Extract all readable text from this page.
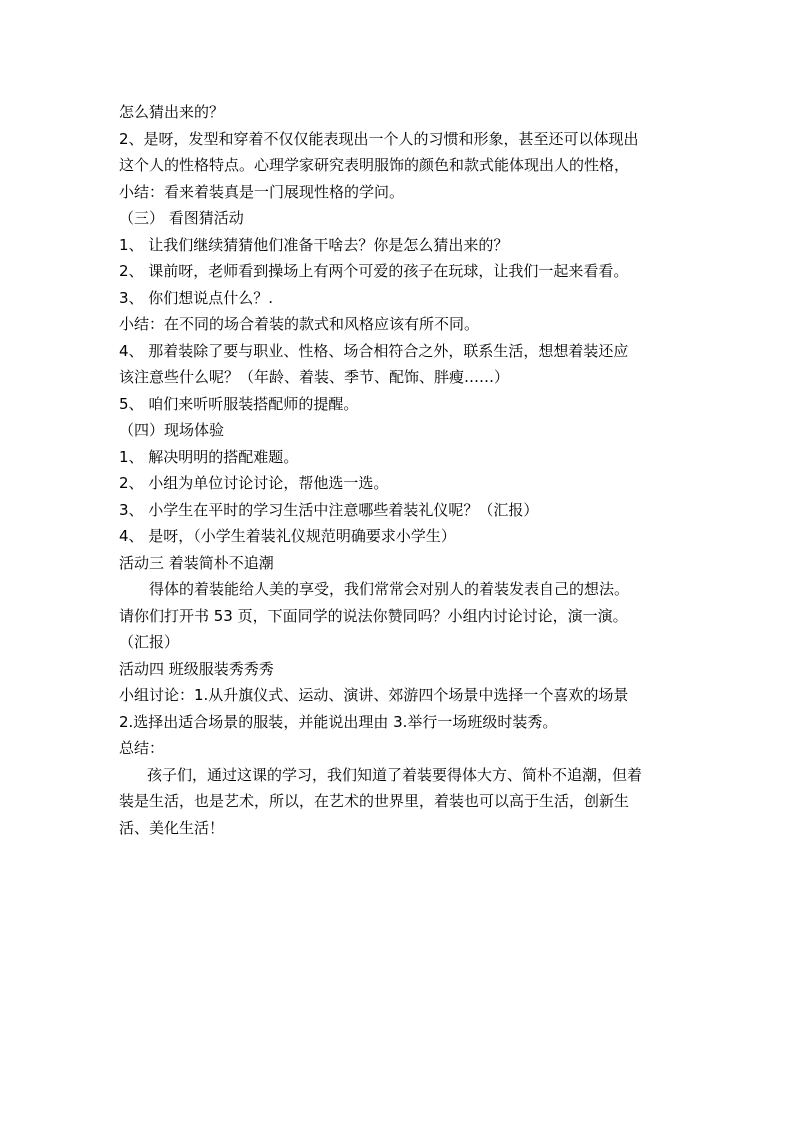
怎么猜出来的？
2、是呀，发型和穿着不仅仅能表现出一个人的习惯和形象，甚至还可以体现出
这个人的性格特点。心理学家研究表明服饰的颜色和款式能体现出人的性格，
小结：看来着装真是一门展现性格的学问。
（三） 看图猜活动
1、 让我们继续猜猜他们准备干啥去？你是怎么猜出来的？
2、 课前呀，老师看到操场上有两个可爱的孩子在玩球，让我们一起来看看。
3、 你们想说点什么？.
小结：在不同的场合着装的款式和风格应该有所不同。
4、 那着装除了要与职业、性格、场合相符合之外，联系生活，想想着装还应
该注意些什么呢？（年龄、着装、季节、配饰、胖瘦……）
5、 咱们来听听服装搭配师的提醒。
（四）现场体验
1、 解决明明的搭配难题。
2、 小组为单位讨论讨论，帮他选一选。
3、 小学生在平时的学习生活中注意哪些着装礼仪呢？（汇报）
4、 是呀，（小学生着装礼仪规范明确要求小学生）
活动三 着装简朴不追潮
得体的着装能给人美的享受，我们常常会对别人的着装发表自己的想法。
请你们打开书 53 页，下面同学的说法你赞同吗？小组内讨论讨论，演一演。
（汇报）
活动四 班级服装秀秀秀
小组讨论：1.从升旗仪式、运动、演讲、郊游四个场景中选择一个喜欢的场景
2.选择出适合场景的服装，并能说出理由 3.举行一场班级时装秀。
总结：
孩子们，通过这课的学习，我们知道了着装要得体大方、简朴不追潮，但着
装是生活，也是艺术，所以，在艺术的世界里，着装也可以高于生活，创新生
活、美化生活！
